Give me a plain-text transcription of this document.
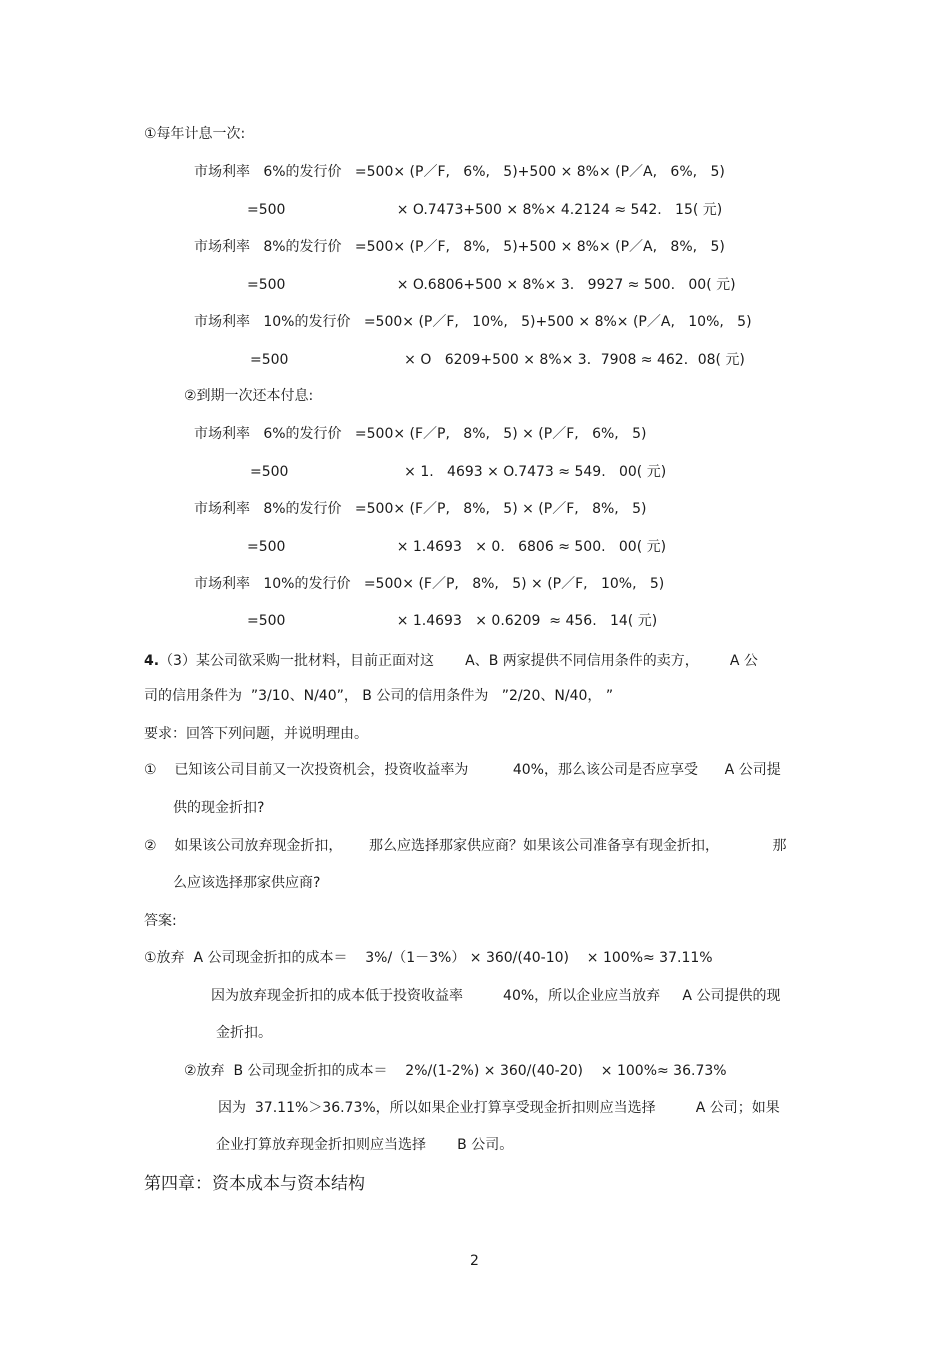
①每年计息一次:
市场利率   6%的发行价   =500× (P／F,   6%,   5)+500 × 8%× (P／A,   6%,   5)
=500                         × O.7473+500 × 8%× 4.2124 ≈ 542.   15( 元)
市场利率   8%的发行价   =500× (P／F,   8%,   5)+500 × 8%× (P／A,   8%,   5)
=500                         × O.6806+500 × 8%× 3.   9927 ≈ 500.   00( 元)
市场利率   10%的发行价   =500× (P／F,   10%,   5)+500 × 8%× (P／A,   10%,   5)
=500                          × O   6209+500 × 8%× 3．7908 ≈ 462．08( 元)
②到期一次还本付息:
市场利率   6%的发行价   =500× (F／P,   8%,   5) × (P／F,   6%,   5)
=500                          × 1.   4693 × O.7473 ≈ 549.   00( 元)
市场利率   8%的发行价   =500× (F／P,   8%,   5) × (P／F,   8%,   5)
=500                         × 1.4693   × 0.   6806 ≈ 500.   00( 元)
市场利率   10%的发行价   =500× (F／P,   8%,   5) × (P／F,   10%,   5)
=500                         × 1.4693   × 0.6209  ≈ 456.   14( 元)
4.（3）某公司欲采购一批材料，目前正面对这       A、B 两家提供不同信用条件的卖方，       A 公
司的信用条件为  ”3/10、N/40”， B 公司的信用条件为   ”2/20、N/40， ”
要求：回答下列问题，并说明理由。
①    已知该公司目前又一次投资机会，投资收益率为          40%，那么该公司是否应享受      A 公司提
供的现金折扣?
②    如果该公司放弃现金折扣，      那么应选择那家供应商？如果该公司准备享有现金折扣，            那
么应该选择那家供应商?
答案:
①放弃  A 公司现金折扣的成本＝    3%/（1－3%） × 360/(40-10)    × 100%≈ 37.11%
因为放弃现金折扣的成本低于投资收益率         40%，所以企业应当放弃     A 公司提供的现
金折扣。
②放弃  B 公司现金折扣的成本＝    2%/(1-2%) × 360/(40-20)    × 100%≈ 36.73%
因为  37.11%＞36.73%，所以如果企业打算享受现金折扣则应当选择         A 公司；如果
企业打算放弃现金折扣则应当选择       B 公司。
第四章：资本成本与资本结构
2
